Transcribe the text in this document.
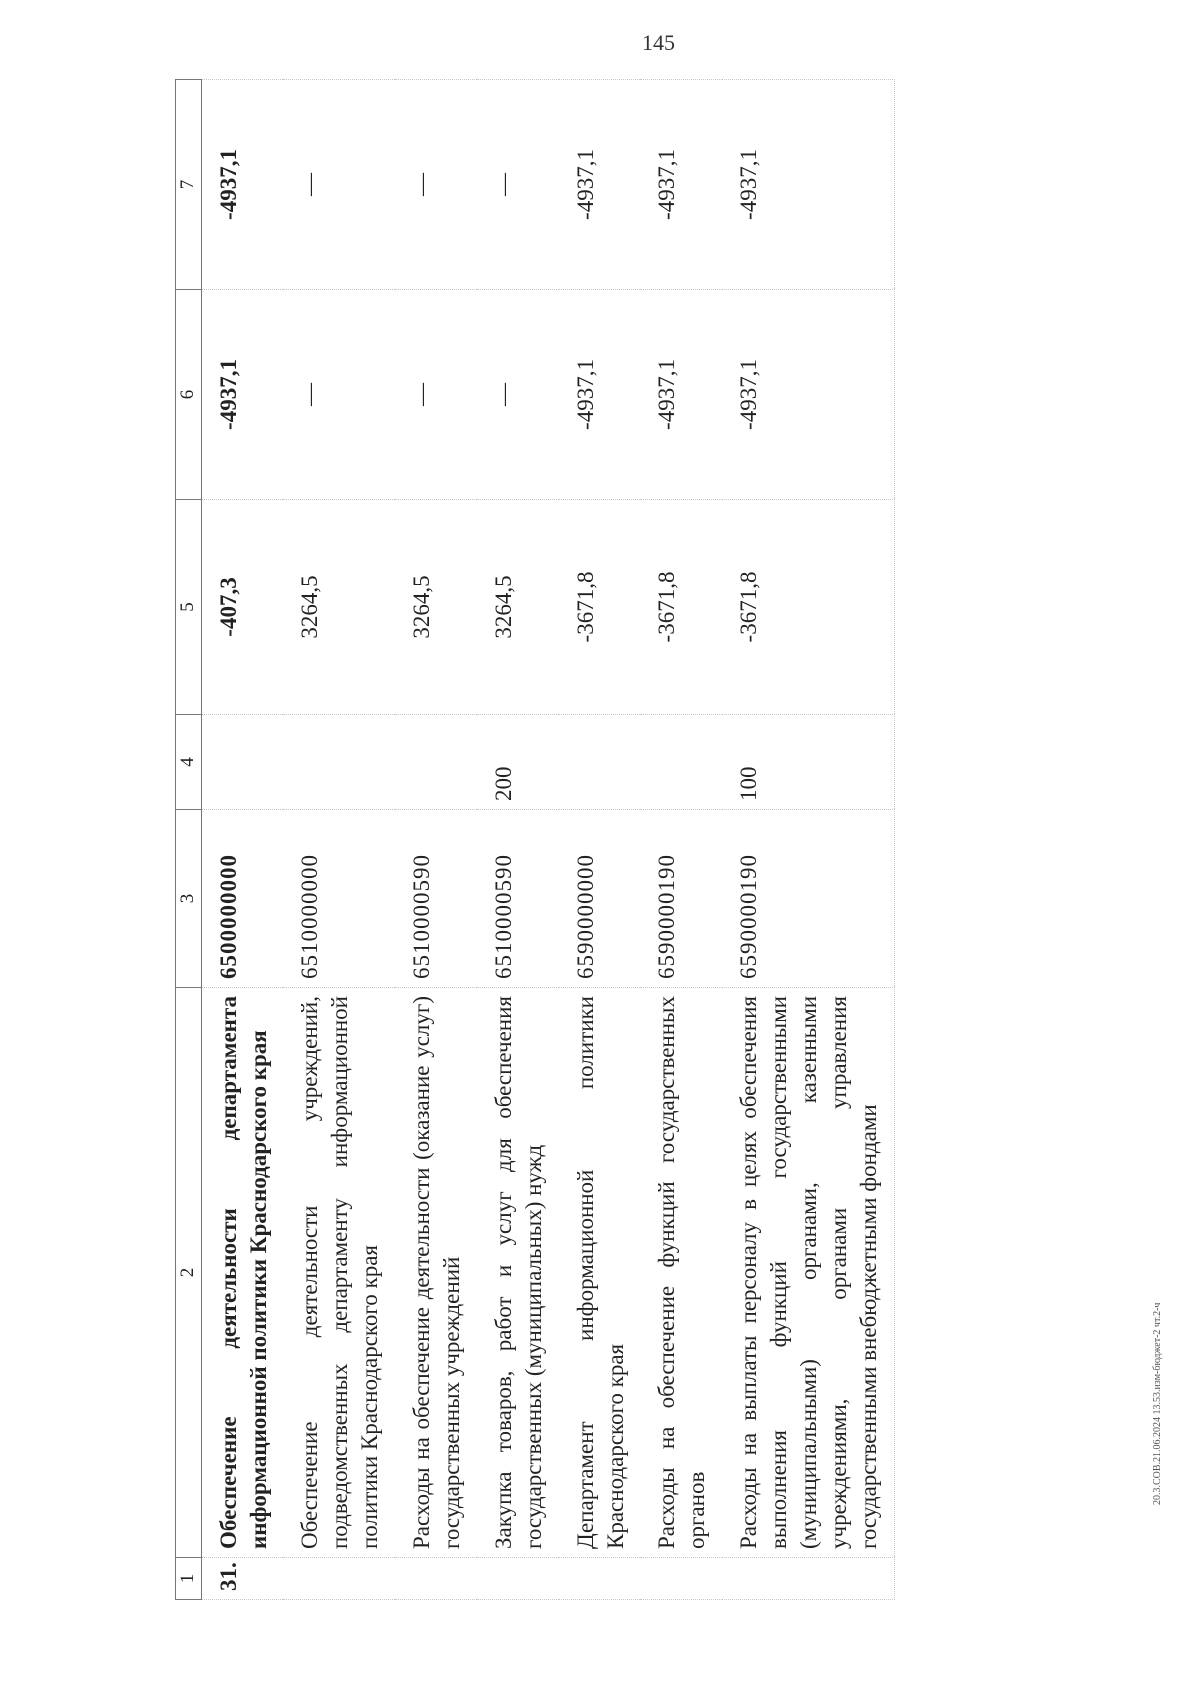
145
1	2	3	4	5	6	7
31.	Обеспечение деятельности департамента информационной политики Краснодарского края	6500000000		-407,3	-4937,1	-4937,1
	Обеспечение деятельности учреждений, подведомственных департаменту информационной политики Краснодарского края	6510000000		3264,5	—	—
	Расходы на обеспечение деятельности (оказание услуг) государственных учреждений	6510000590		3264,5	—	—
	Закупка товаров, работ и услуг для обеспечения государственных (муниципальных) нужд	6510000590	200	3264,5	—	—
	Департамент информационной политики Краснодарского края	6590000000		-3671,8	-4937,1	-4937,1
	Расходы на обеспечение функций государственных органов	6590000190		-3671,8	-4937,1	-4937,1
	Расходы на выплаты персоналу в целях обеспечения выполнения функций государственными (муниципальными) органами, казенными учреждениями, органами управления государственными внебюджетными фондами	6590000190	100	-3671,8	-4937,1	-4937,1
20.3.СОВ.21.06.2024 13.53.изм-бюджет-2 чт.2-ч
